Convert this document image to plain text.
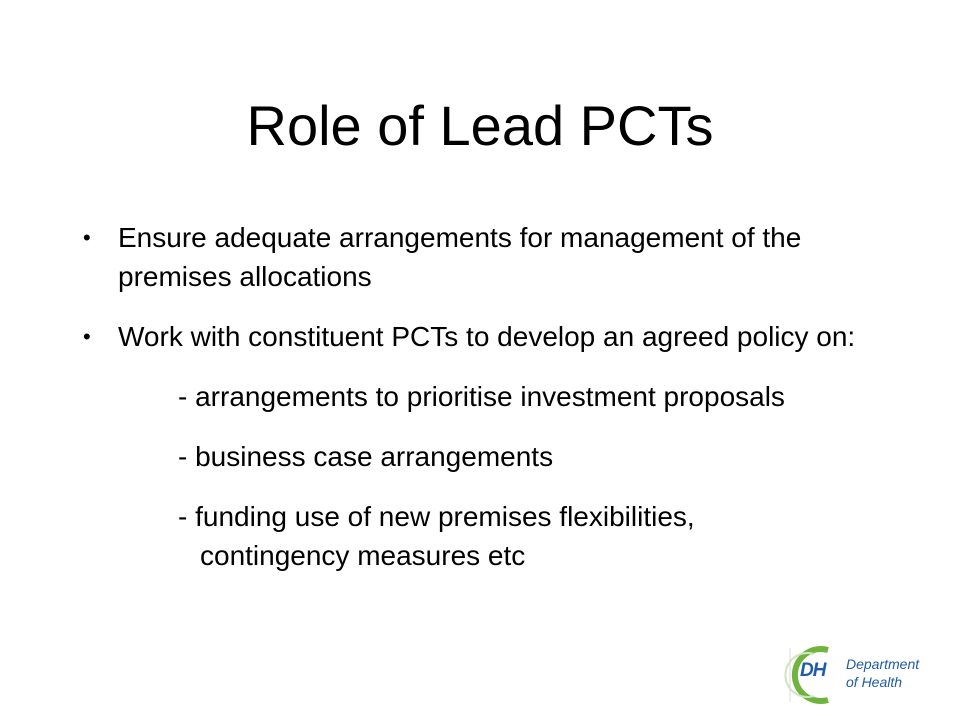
Role of Lead PCTs
• Ensure adequate arrangements for management of the premises allocations
• Work with constituent PCTs to develop an agreed policy on:
- arrangements to prioritise investment proposals
- business case arrangements
- funding use of new premises flexibilities,
contingency measures etc
DH Department
of Health
